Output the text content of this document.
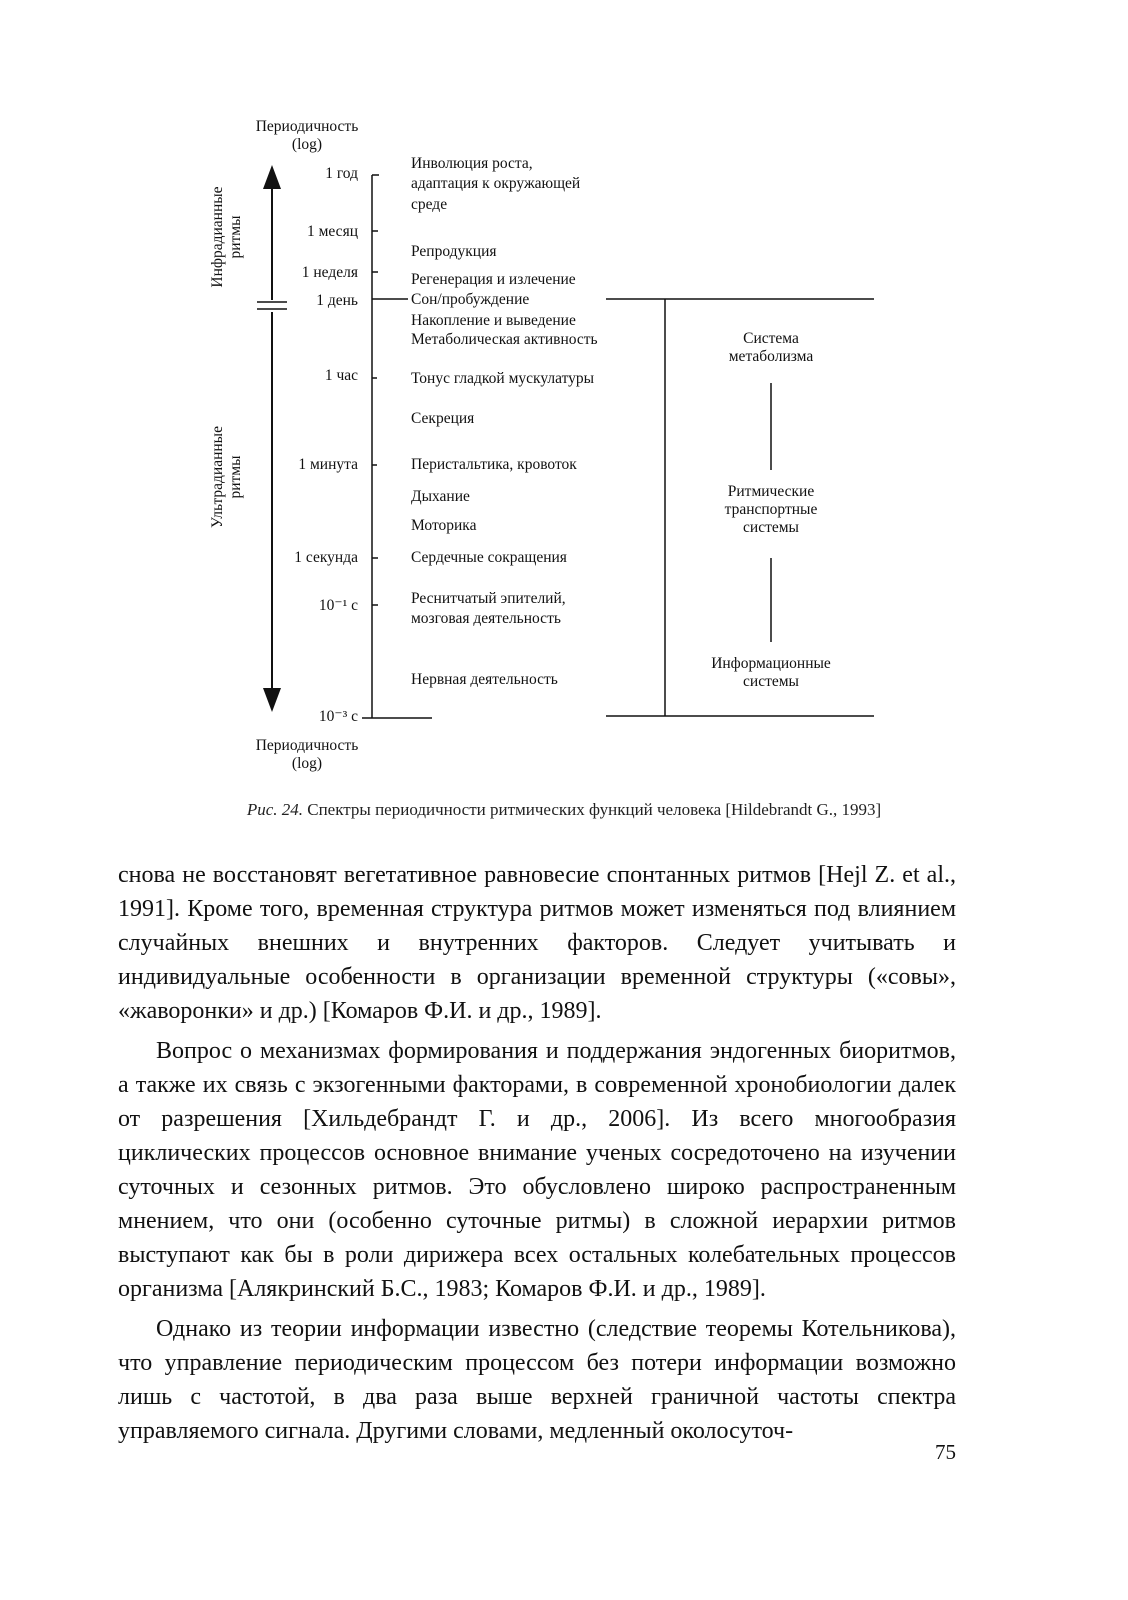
Периодичность
(log)
Периодичность
(log)
Инфрадианные ритмы
Ультрадианные ритмы
1 год
1 месяц
1 неделя
1 день
1 час
1 минута
1 секунда
10⁻¹ с
10⁻³ с
Инволюция роста,
адаптация к окружающей
среде
Репродукция
Регенерация и излечение
Сон/пробуждение
Накопление и выведение
Метаболическая активность
Тонус гладкой мускулатуры
Секреция
Перистальтика, кровоток
Дыхание
Моторика
Сердечные сокращения
Реснитчатый эпителий,
мозговая деятельность
Нервная деятельность
Система
метаболизма
Ритмические
транспортные
системы
Информационные
системы
Рис. 24. Спектры периодичности ритмических функций человека [Hildebrandt G., 1993]

снова не восстановят вегетативное равновесие спонтанных ритмов [Hejl Z. et al., 1991]. Кроме того, временная структура ритмов может изменяться под влиянием случайных внешних и внутренних факторов. Следует учитывать и индивидуальные особенности в организации временной структуры («совы», «жаворонки» и др.) [Комаров Ф.И. и др., 1989].

Вопрос о механизмах формирования и поддержания эндогенных биоритмов, а также их связь с экзогенными факторами, в современной хронобиологии далек от разрешения [Хильдебрандт Г. и др., 2006]. Из всего многообразия циклических процессов основное внимание ученых сосредоточено на изучении суточных и сезонных ритмов. Это обусловлено широко распространенным мнением, что они (особенно суточные ритмы) в сложной иерархии ритмов выступают как бы в роли дирижера всех остальных колебательных процессов организма [Алякринский Б.С., 1983; Комаров Ф.И. и др., 1989].

Однако из теории информации известно (следствие теоремы Котельникова), что управление периодическим процессом без потери информации возможно лишь с частотой, в два раза выше верхней граничной частоты спектра управляемого сигнала. Другими словами, медленный околосуточ-

75
